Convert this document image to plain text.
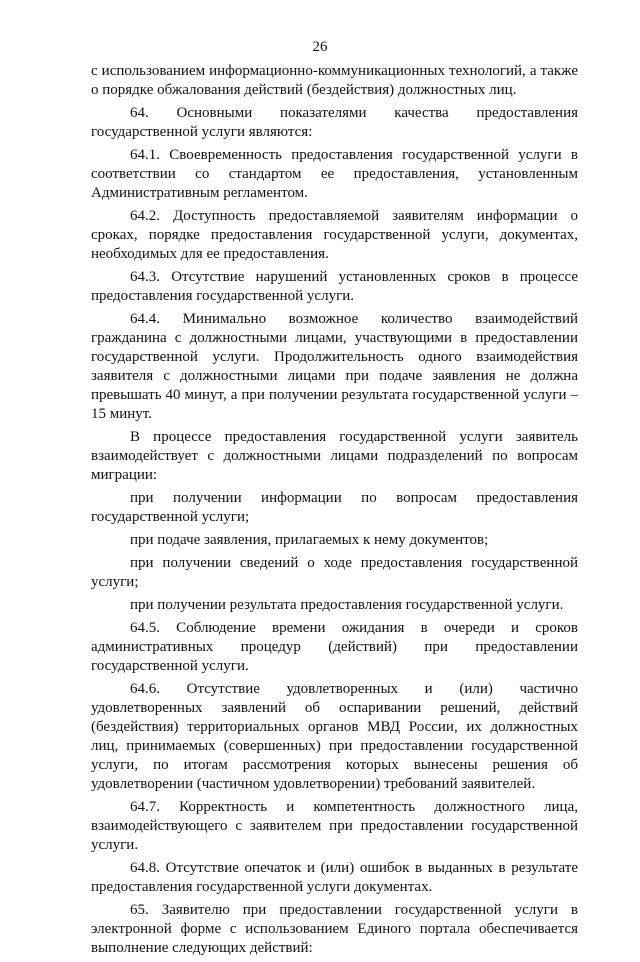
26

с использованием информационно-коммуникационных технологий, а также о порядке обжалования действий (бездействия) должностных лиц.

64. Основными показателями качества предоставления государственной услуги являются:

64.1. Своевременность предоставления государственной услуги в соответствии со стандартом ее предоставления, установленным Административным регламентом.

64.2. Доступность предоставляемой заявителям информации о сроках, порядке предоставления государственной услуги, документах, необходимых для ее предоставления.

64.3. Отсутствие нарушений установленных сроков в процессе предоставления государственной услуги.

64.4. Минимально возможное количество взаимодействий гражданина с должностными лицами, участвующими в предоставлении государственной услуги. Продолжительность одного взаимодействия заявителя с должностными лицами при подаче заявления не должна превышать 40 минут, а при получении результата государственной услуги – 15 минут.

В процессе предоставления государственной услуги заявитель взаимодействует с должностными лицами подразделений по вопросам миграции:

при получении информации по вопросам предоставления государственной услуги;

при подаче заявления, прилагаемых к нему документов;

при получении сведений о ходе предоставления государственной услуги;

при получении результата предоставления государственной услуги.

64.5. Соблюдение времени ожидания в очереди и сроков административных процедур (действий) при предоставлении государственной услуги.

64.6. Отсутствие удовлетворенных и (или) частично удовлетворенных заявлений об оспаривании решений, действий (бездействия) территориальных органов МВД России, их должностных лиц, принимаемых (совершенных) при предоставлении государственной услуги, по итогам рассмотрения которых вынесены решения об удовлетворении (частичном удовлетворении) требований заявителей.

64.7. Корректность и компетентность должностного лица, взаимодействующего с заявителем при предоставлении государственной услуги.

64.8. Отсутствие опечаток и (или) ошибок в выданных в результате предоставления государственной услуги документах.

65. Заявителю при предоставлении государственной услуги в электронной форме с использованием Единого портала обеспечивается выполнение следующих действий:
